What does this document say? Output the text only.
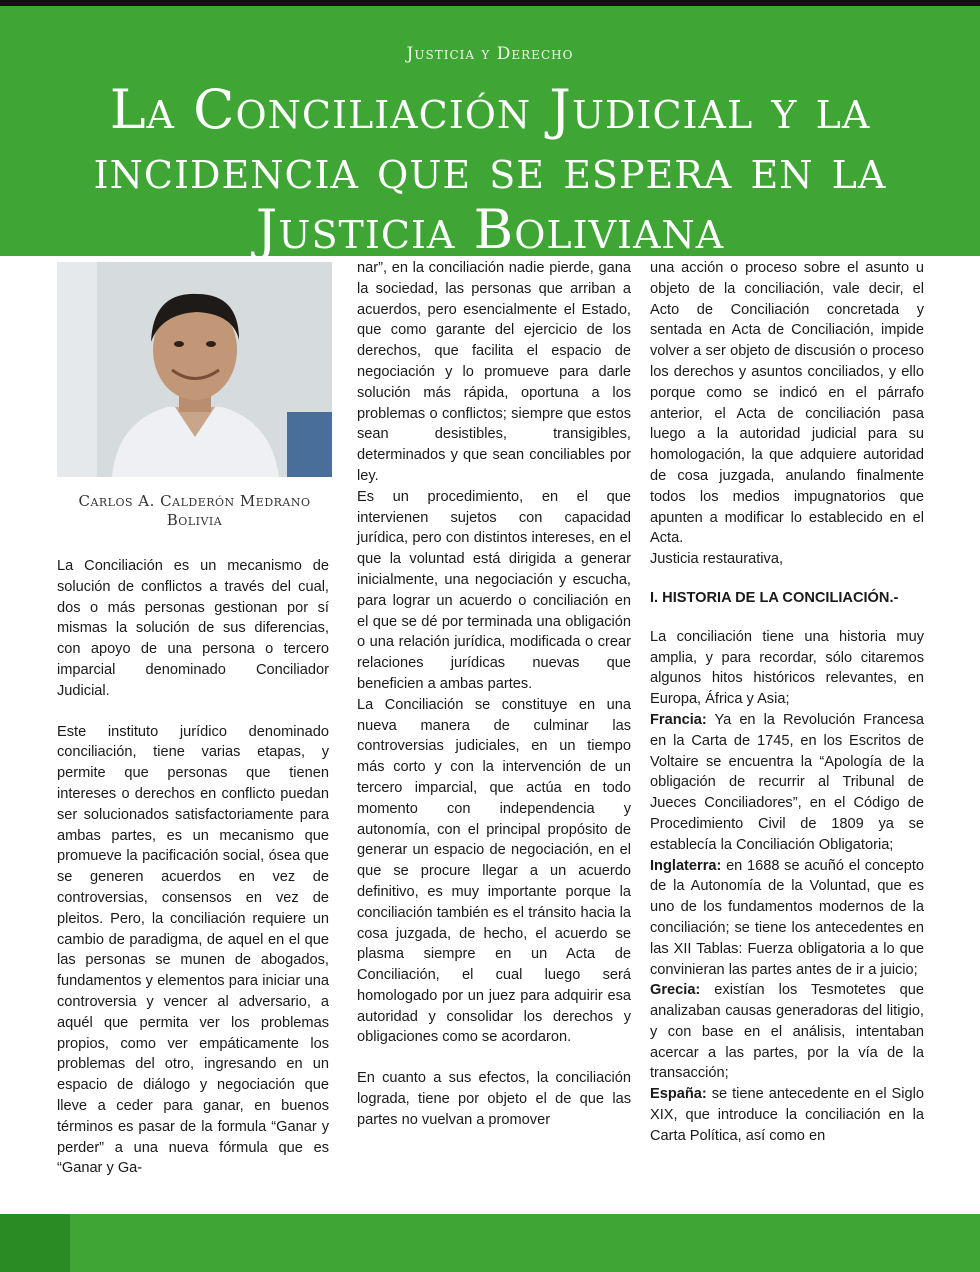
Justicia y Derecho
La Conciliación Judicial y la incidencia que se espera en la Justicia Boliviana
Carlos A. Calderón Medrano
Bolivia

La Conciliación es un mecanismo de solución de conflictos a través del cual, dos o más personas gestionan por sí mismas la solución de sus diferencias, con apoyo de una persona o tercero imparcial denominado Conciliador Judicial.

Este instituto jurídico denominado conciliación, tiene varias etapas, y permite que personas que tienen intereses o derechos en conflicto puedan ser solucionados satisfactoriamente para ambas partes, es un mecanismo que promueve la pacificación social, ósea que se generen acuerdos en vez de controversias, consensos en vez de pleitos. Pero, la conciliación requiere un cambio de paradigma, de aquel en el que las personas se munen de abogados, fundamentos y elementos para iniciar una controversia y vencer al adversario, a aquél que permita ver los problemas propios, como ver empáticamente los problemas del otro, ingresando en un espacio de diálogo y negociación que lleve a ceder para ganar, en buenos términos es pasar de la formula “Ganar y perder” a una nueva fórmula que es “Ganar y Ga-

nar”, en la conciliación nadie pierde, gana la sociedad, las personas que arriban a acuerdos, pero esencialmente el Estado, que como garante del ejercicio de los derechos, que facilita el espacio de negociación y lo promueve para darle solución más rápida, oportuna a los problemas o conflictos; siempre que estos sean desistibles, transigibles, determinados y que sean conciliables por ley.

Es un procedimiento, en el que intervienen sujetos con capacidad jurídica, pero con distintos intereses, en el que la voluntad está dirigida a generar inicialmente, una negociación y escucha, para lograr un acuerdo o conciliación en el que se dé por terminada una obligación o una relación jurídica, modificada o crear relaciones jurídicas nuevas que beneficien a ambas partes.

La Conciliación se constituye en una nueva manera de culminar las controversias judiciales, en un tiempo más corto y con la intervención de un tercero imparcial, que actúa en todo momento con independencia y autonomía, con el principal propósito de generar un espacio de negociación, en el que se procure llegar a un acuerdo definitivo, es muy importante porque la conciliación también es el tránsito hacia la cosa juzgada, de hecho, el acuerdo se plasma siempre en un Acta de Conciliación, el cual luego será homologado por un juez para adquirir esa autoridad y consolidar los derechos y obligaciones como se acordaron.

En cuanto a sus efectos, la conciliación lograda, tiene por objeto el de que las partes no vuelvan a promover

una acción o proceso sobre el asunto u objeto de la conciliación, vale decir, el Acto de Conciliación concretada y sentada en Acta de Conciliación, impide volver a ser objeto de discusión o proceso los derechos y asuntos conciliados, y ello porque como se indicó en el párrafo anterior, el Acta de conciliación pasa luego a la autoridad judicial para su homologación, la que adquiere autoridad de cosa juzgada, anulando finalmente todos los medios impugnatorios que apunten a modificar lo establecido en el Acta.

Justicia restaurativa,

I. HISTORIA DE LA CONCILIACIÓN.-

La conciliación tiene una historia muy amplia, y para recordar, sólo citaremos algunos hitos históricos relevantes, en Europa, África y Asia;

Francia: Ya en la Revolución Francesa en la Carta de 1745, en los Escritos de Voltaire se encuentra la “Apología de la obligación de recurrir al Tribunal de Jueces Conciliadores”, en el Código de Procedimiento Civil de 1809 ya se establecía la Conciliación Obligatoria;

Inglaterra: en 1688 se acuñó el concepto de la Autonomía de la Voluntad, que es uno de los fundamentos modernos de la conciliación; se tiene los antecedentes en las XII Tablas: Fuerza obligatoria a lo que convinieran las partes antes de ir a juicio;

Grecia: existían los Tesmotetes que analizaban causas generadoras del litigio, y con base en el análisis, intentaban acercar a las partes, por la vía de la transacción;

España: se tiene antecedente en el Siglo XIX, que introduce la conciliación en la Carta Política, así como en
